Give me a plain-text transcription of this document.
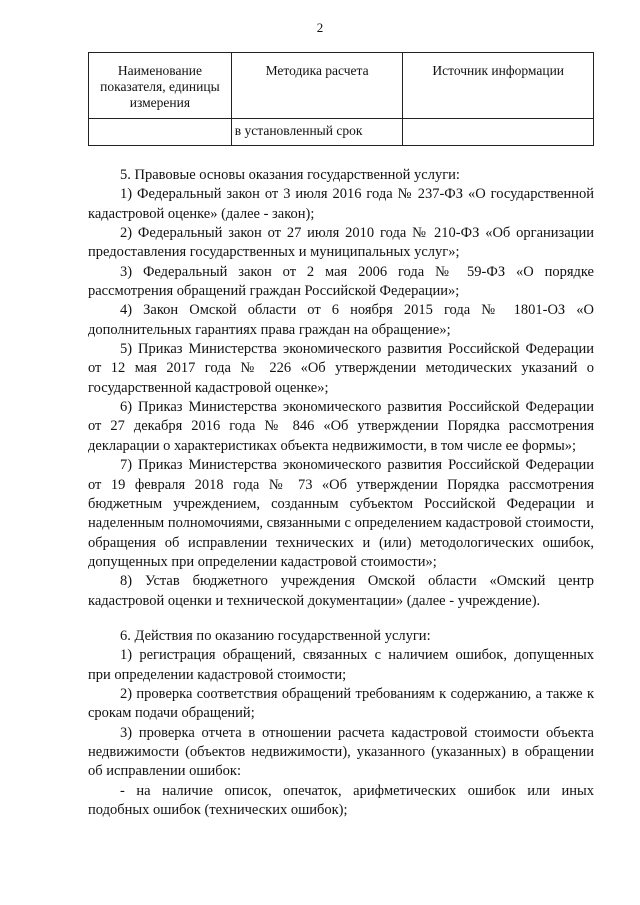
2
Наименование показателя, единицы измерения	Методика расчета	Источник информации
	в установленный срок	

5. Правовые основы оказания государственной услуги:

1) Федеральный закон от 3 июля 2016 года № 237-ФЗ «О государственной кадастровой оценке» (далее - закон);

2) Федеральный закон от 27 июля 2010 года № 210-ФЗ «Об организации предоставления государственных и муниципальных услуг»;

3) Федеральный закон от 2 мая 2006 года № 59-ФЗ «О порядке рассмотрения обращений граждан Российской Федерации»;

4) Закон Омской области от 6 ноября 2015 года № 1801-ОЗ «О дополнительных гарантиях права граждан на обращение»;

5) Приказ Министерства экономического развития Российской Федерации от 12 мая 2017 года № 226 «Об утверждении методических указаний о государственной кадастровой оценке»;

6) Приказ Министерства экономического развития Российской Федерации от 27 декабря 2016 года № 846 «Об утверждении Порядка рассмотрения декларации о характеристиках объекта недвижимости, в том числе ее формы»;

7) Приказ Министерства экономического развития Российской Федерации от 19 февраля 2018 года № 73 «Об утверждении Порядка рассмотрения бюджетным учреждением, созданным субъектом Российской Федерации и наделенным полномочиями, связанными с определением кадастровой стоимости, обращения об исправлении технических и (или) методологических ошибок, допущенных при определении кадастровой стоимости»;

8) Устав бюджетного учреждения Омской области «Омский центр кадастровой оценки и технической документации» (далее - учреждение).

6. Действия по оказанию государственной услуги:

1) регистрация обращений, связанных с наличием ошибок, допущенных при определении кадастровой стоимости;

2) проверка соответствия обращений требованиям к содержанию, а также к срокам подачи обращений;

3) проверка отчета в отношении расчета кадастровой стоимости объекта недвижимости (объектов недвижимости), указанного (указанных) в обращении об исправлении ошибок:

- на наличие описок, опечаток, арифметических ошибок или иных подобных ошибок (технических ошибок);
